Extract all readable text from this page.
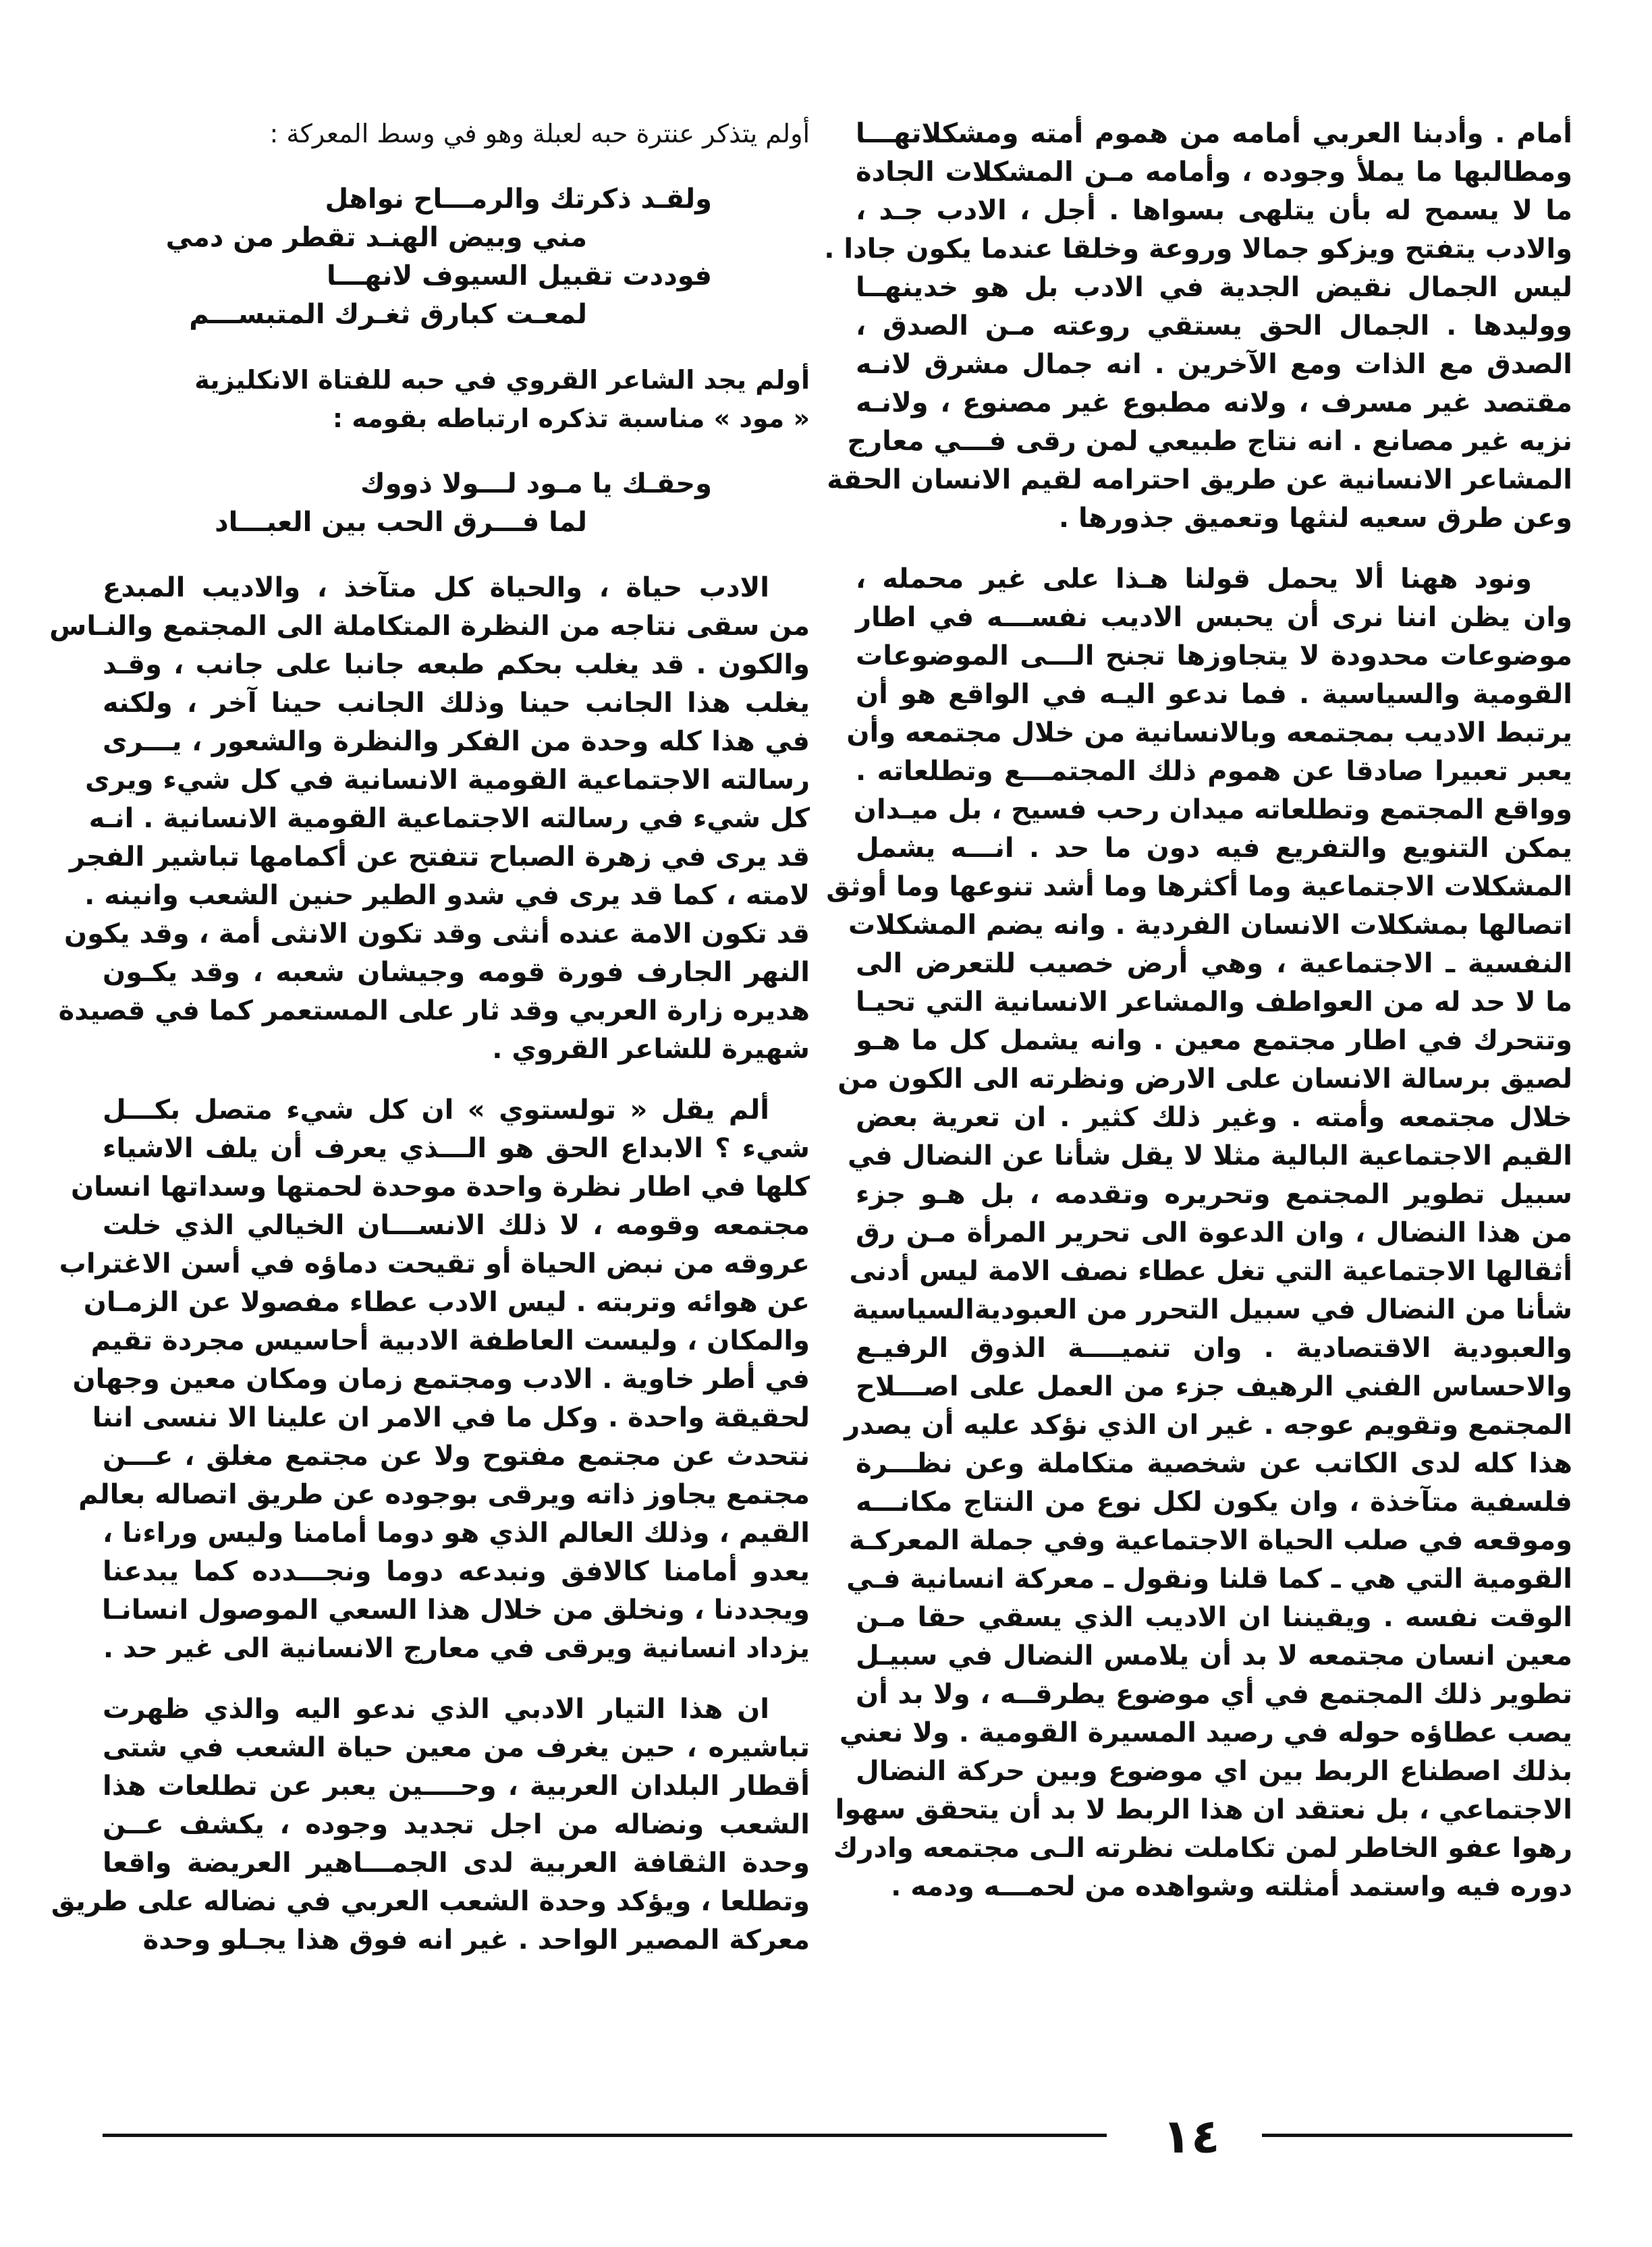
أمام . وأدبنا العربي أمامه من هموم أمته ومشكلاتهـــا
ومطالبها ما يملأ وجوده ، وأمامه مـن المشكلات الجادة
ما لا يسمح له بأن يتلهى بسواها . أجل ، الادب جـد ،
والادب يتفتح ويزكو جمالا وروعة وخلقا عندما يكون جادا .
ليس الجمال نقيض الجدية في الادب بل هو خدينهــا
ووليدها . الجمال الحق يستقي روعته مـن الصدق ،
الصدق مع الذات ومع الآخرين . انه جمال مشرق لانـه
مقتصد غير مسرف ، ولانه مطبوع غير مصنوع ، ولانـه
نزيه غير مصانع . انه نتاج طبيعي لمن رقى فـــي معارج
المشاعر الانسانية عن طريق احترامه لقيم الانسان الحقة
وعن طرق سعيه لنثها وتعميق جذورها .
ونود ههنا ألا يحمل قولنا هـذا على غير محمله ،
وان يظن اننا نرى أن يحبس الاديب نفســـه في اطار
موضوعات محدودة لا يتجاوزها تجنح الـــى الموضوعات
القومية والسياسية . فما ندعو اليـه في الواقع هو أن
يرتبط الاديب بمجتمعه وبالانسانية من خلال مجتمعه وأن
يعبر تعبيرا صادقا عن هموم ذلك المجتمـــع وتطلعاته .
وواقع المجتمع وتطلعاته ميدان رحب فسيح ، بل ميـدان
يمكن التنويع والتفريع فيه دون ما حد . انـــه يشمل
المشكلات الاجتماعية وما أكثرها وما أشد تنوعها وما أوثق
اتصالها بمشكلات الانسان الفردية . وانه يضم المشكلات
النفسية ـ الاجتماعية ، وهي أرض خصيب للتعرض الى
ما لا حد له من العواطف والمشاعر الانسانية التي تحيـا
وتتحرك في اطار مجتمع معين . وانه يشمل كل ما هـو
لصيق برسالة الانسان على الارض ونظرته الى الكون من
خلال مجتمعه وأمته . وغير ذلك كثير . ان تعرية بعض
القيم الاجتماعية البالية مثلا لا يقل شأنا عن النضال في
سبيل تطوير المجتمع وتحريره وتقدمه ، بل هـو جزء
من هذا النضال ، وان الدعوة الى تحرير المرأة مـن رق
أثقالها الاجتماعية التي تغل عطاء نصف الامة ليس أدنى
شأنا من النضال في سبيل التحرر من العبوديةالسياسية
والعبودية الاقتصادية . وان تنميــــة الذوق الرفيـع
والاحساس الفني الرهيف جزء من العمل على اصـــلاح
المجتمع وتقويم عوجه . غير ان الذي نؤكد عليه أن يصدر
هذا كله لدى الكاتب عن شخصية متكاملة وعن نظـــرة
فلسفية متآخذة ، وان يكون لكل نوع من النتاج مكانـــه
وموقعه في صلب الحياة الاجتماعية وفي جملة المعركـة
القومية التي هي ـ كما قلنا ونقول ـ معركة انسانية فـي
الوقت نفسه . ويقيننا ان الاديب الذي يسقي حقا مـن
معين انسان مجتمعه لا بد أن يلامس النضال في سبيـل
تطوير ذلك المجتمع في أي موضوع يطرقــه ، ولا بد أن
يصب عطاؤه حوله في رصيد المسيرة القومية . ولا نعني
بذلك اصطناع الربط بين اي موضوع وبين حركة النضال
الاجتماعي ، بل نعتقد ان هذا الربط لا بد أن يتحقق سهوا
رهوا عفو الخاطر لمن تكاملت نظرته الـى مجتمعه وادرك
دوره فيه واستمد أمثلته وشواهده من لحمـــه ودمه .
أولم يتذكر عنترة حبه لعبلة وهو في وسط المعركة :
ولقـد ذكرتك والرمـــاح نواهل
مني وبيض الهنـد تقطر من دمي
فوددت تقبيل السيوف لانهـــا
لمعـت كبارق ثغـرك المتبســـم
أولم يجد الشاعر القروي في حبه للفتاة الانكليزية
« مود » مناسبة تذكره ارتباطه بقومه :
وحقـك يا مـود لـــولا ذووك
لما فـــرق الحب بين العبـــاد
الادب حياة ، والحياة كل متآخذ ، والاديب المبدع
من سقى نتاجه من النظرة المتكاملة الى المجتمع والنـاس
والكون . قد يغلب بحكم طبعه جانبا على جانب ، وقـد
يغلب هذا الجانب حينا وذلك الجانب حينا آخر ، ولكنه
في هذا كله وحدة من الفكر والنظرة والشعور ، يـــرى
رسالته الاجتماعية القومية الانسانية في كل شيء ويرى
كل شيء في رسالته الاجتماعية القومية الانسانية . انـه
قد يرى في زهرة الصباح تتفتح عن أكمامها تباشير الفجر
لامته ، كما قد يرى في شدو الطير حنين الشعب وانينه .
قد تكون الامة عنده أنثى وقد تكون الانثى أمة ، وقد يكون
النهر الجارف فورة قومه وجيشان شعبه ، وقد يكـون
هديره زارة العربي وقد ثار على المستعمر كما في قصيدة
شهيرة للشاعر القروي .
ألم يقل « تولستوي » ان كل شيء متصل بكـــل
شيء ؟ الابداع الحق هو الـــذي يعرف أن يلف الاشياء
كلها في اطار نظرة واحدة موحدة لحمتها وسداتها انسان
مجتمعه وقومه ، لا ذلك الانســـان الخيالي الذي خلت
عروقه من نبض الحياة أو تقيحت دماؤه في أسن الاغتراب
عن هوائه وتربته . ليس الادب عطاء مفصولا عن الزمـان
والمكان ، وليست العاطفة الادبية أحاسيس مجردة تقيم
في أطر خاوية . الادب ومجتمع زمان ومكان معين وجهان
لحقيقة واحدة . وكل ما في الامر ان علينا الا ننسى اننا
نتحدث عن مجتمع مفتوح ولا عن مجتمع مغلق ، عـــن
مجتمع يجاوز ذاته ويرقى بوجوده عن طريق اتصاله بعالم
القيم ، وذلك العالم الذي هو دوما أمامنا وليس وراءنا ،
يعدو أمامنا كالافق ونبدعه دوما ونجـــدده كما يبدعنا
ويجددنا ، ونخلق من خلال هذا السعي الموصول انسانـا
يزداد انسانية ويرقى في معارج الانسانية الى غير حد .
ان هذا التيار الادبي الذي ندعو اليه والذي ظهرت
تباشيره ، حين يغرف من معين حياة الشعب في شتى
أقطار البلدان العربية ، وحــــين يعبر عن تطلعات هذا
الشعب ونضاله من اجل تجديد وجوده ، يكشف عــن
وحدة الثقافة العربية لدى الجمـــاهير العريضة واقعا
وتطلعا ، ويؤكد وحدة الشعب العربي في نضاله على طريق
معركة المصير الواحد . غير انه فوق هذا يجـلو وحدة
١٤
